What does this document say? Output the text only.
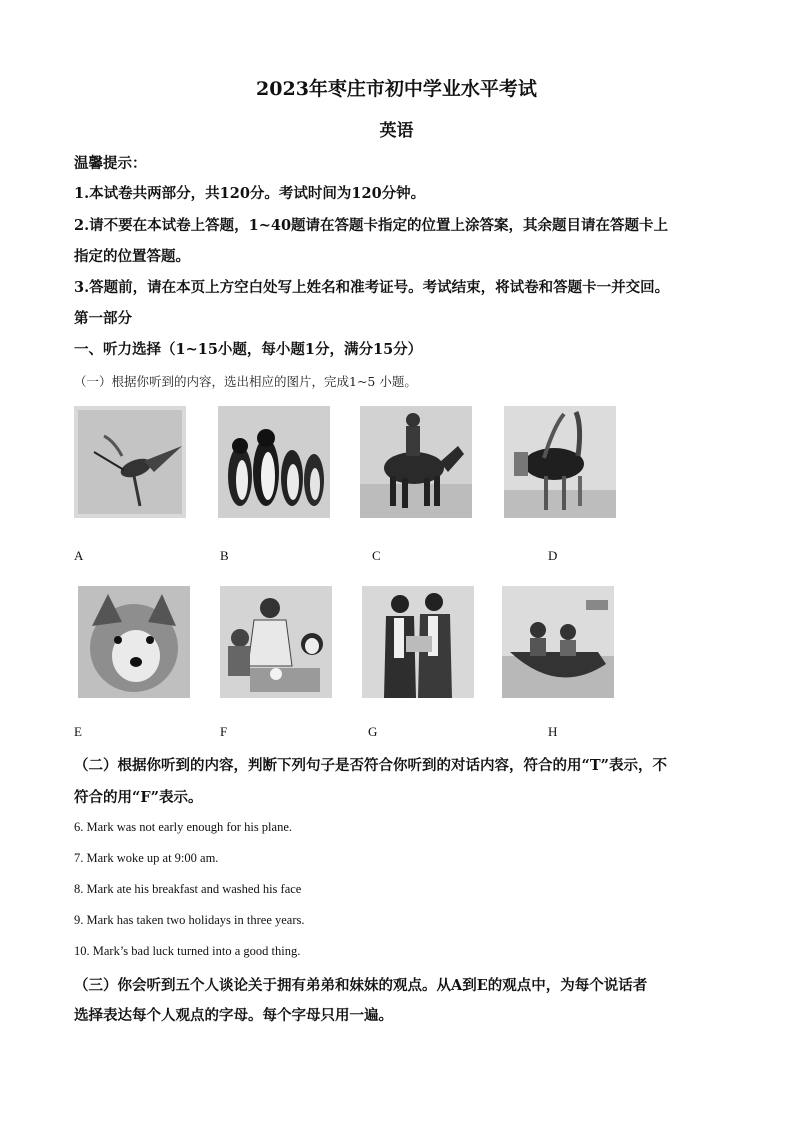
2023年枣庄市初中学业水平考试
英语
温馨提示：
1.本试卷共两部分，共120分。考试时间为120分钟。
2.请不要在本试卷上答题，1~40题请在答题卡指定的位置上涂答案，其余题目请在答题卡上
指定的位置答题。
3.答题前，请在本页上方空白处写上姓名和准考证号。考试结束，将试卷和答题卡一并交回。
第一部分
一、听力选择（1~15小题，每小题1分，满分15分）
（一）根据你听到的内容，选出相应的图片，完成1~5 小题。
A	B	C	D
E	F	G	H
（二）根据你听到的内容，判断下列句子是否符合你听到的对话内容，符合的用“T”表示，不
符合的用“F”表示。
6. Mark was not early enough for his plane.
7. Mark woke up at 9:00 am.
8. Mark ate his breakfast and washed his face
9. Mark has taken two holidays in three years.
10. Mark’s bad luck turned into a good thing.
（三）你会听到五个人谈论关于拥有弟弟和妹妹的观点。从A到E的观点中，为每个说话者
选择表达每个人观点的字母。每个字母只用一遍。
